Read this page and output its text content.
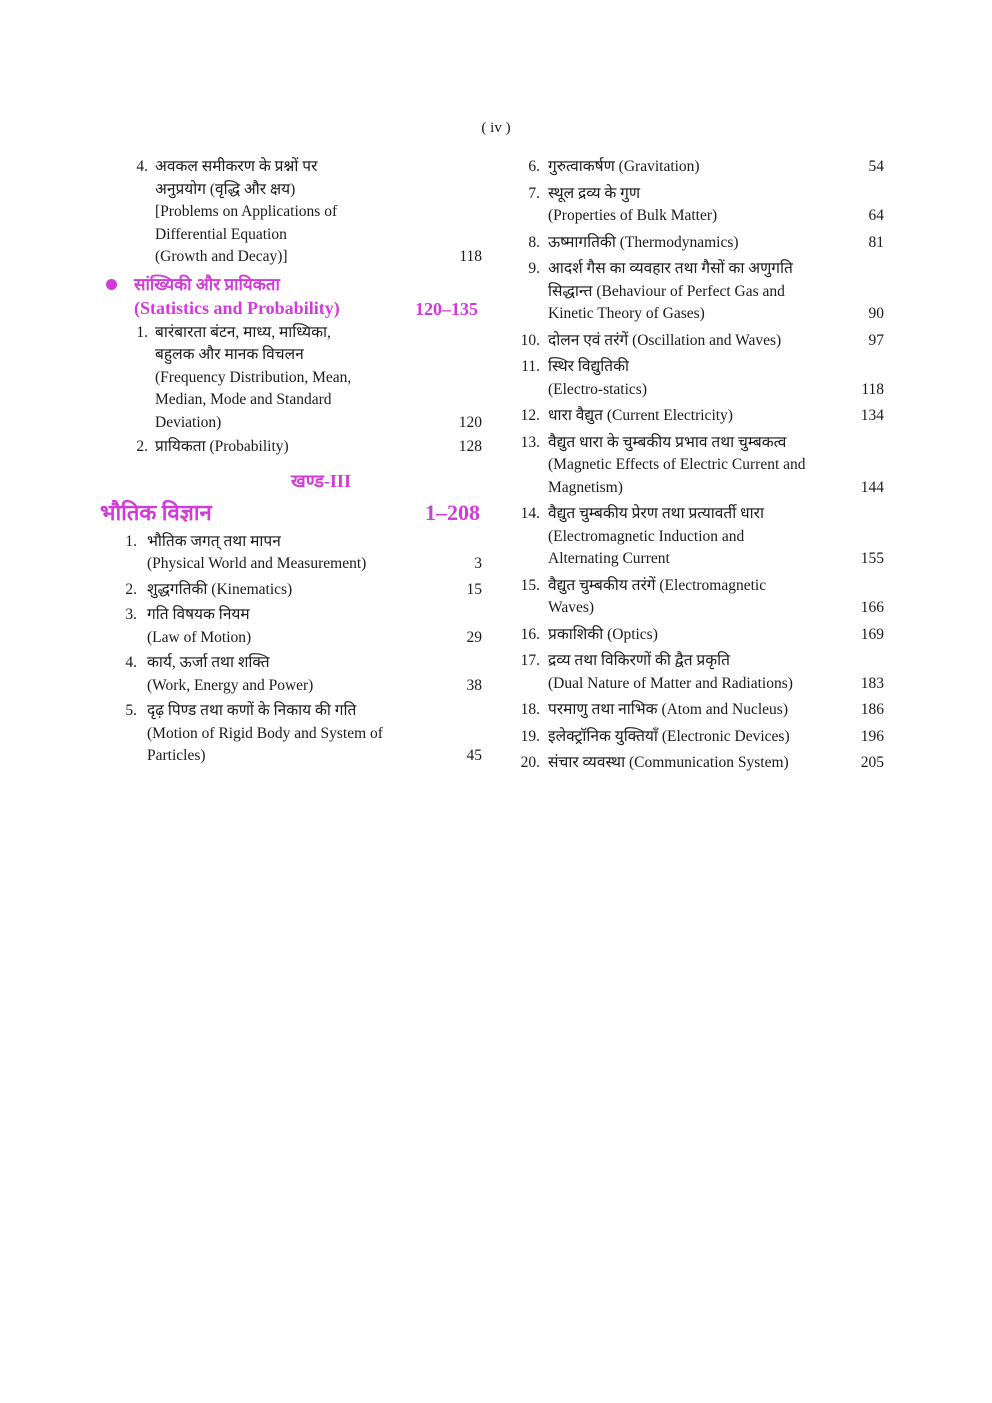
( iv )
4. अवकल समीकरण के प्रश्नों पर
अनुप्रयोग (वृद्धि और क्षय)
[Problems on Applications of
Differential Equation
(Growth and Decay)]	118
सांख्यिकी और प्रायिकता
(Statistics and Probability)	120–135
1. बारंबारता बंटन, माध्य, माध्यिका,
बहुलक और मानक विचलन
(Frequency Distribution, Mean,
Median, Mode and Standard
Deviation)	120
2. प्रायिकता (Probability)	128
खण्ड-III
भौतिक विज्ञान	1–208
1. भौतिक जगत् तथा मापन
(Physical World and Measurement)	3
2. शुद्धगतिकी (Kinematics)	15
3. गति विषयक नियम
(Law of Motion)	29
4. कार्य, ऊर्जा तथा शक्ति
(Work, Energy and Power)	38
5. दृढ़ पिण्ड तथा कणों के निकाय की गति
(Motion of Rigid Body and System of
Particles)	45
6. गुरुत्वाकर्षण (Gravitation)	54
7. स्थूल द्रव्य के गुण
(Properties of Bulk Matter)	64
8. ऊष्मागतिकी (Thermodynamics)	81
9. आदर्श गैस का व्यवहार तथा गैसों का अणुगति
सिद्धान्त (Behaviour of Perfect Gas and
Kinetic Theory of Gases)	90
10. दोलन एवं तरंगें (Oscillation and Waves)	97
11. स्थिर विद्युतिकी
(Electro-statics)	118
12. धारा वैद्युत (Current Electricity)	134
13. वैद्युत धारा के चुम्बकीय प्रभाव तथा चुम्बकत्व
(Magnetic Effects of Electric Current and
Magnetism)	144
14. वैद्युत चुम्बकीय प्रेरण तथा प्रत्यावर्ती धारा
(Electromagnetic Induction and
Alternating Current	155
15. वैद्युत चुम्बकीय तरंगें (Electromagnetic
Waves)	166
16. प्रकाशिकी (Optics)	169
17. द्रव्य तथा विकिरणों की द्वैत प्रकृति
(Dual Nature of Matter and Radiations)	183
18. परमाणु तथा नाभिक (Atom and Nucleus)	186
19. इलेक्ट्रॉनिक युक्तियाँ (Electronic Devices)	196
20. संचार व्यवस्था (Communication System)	205
